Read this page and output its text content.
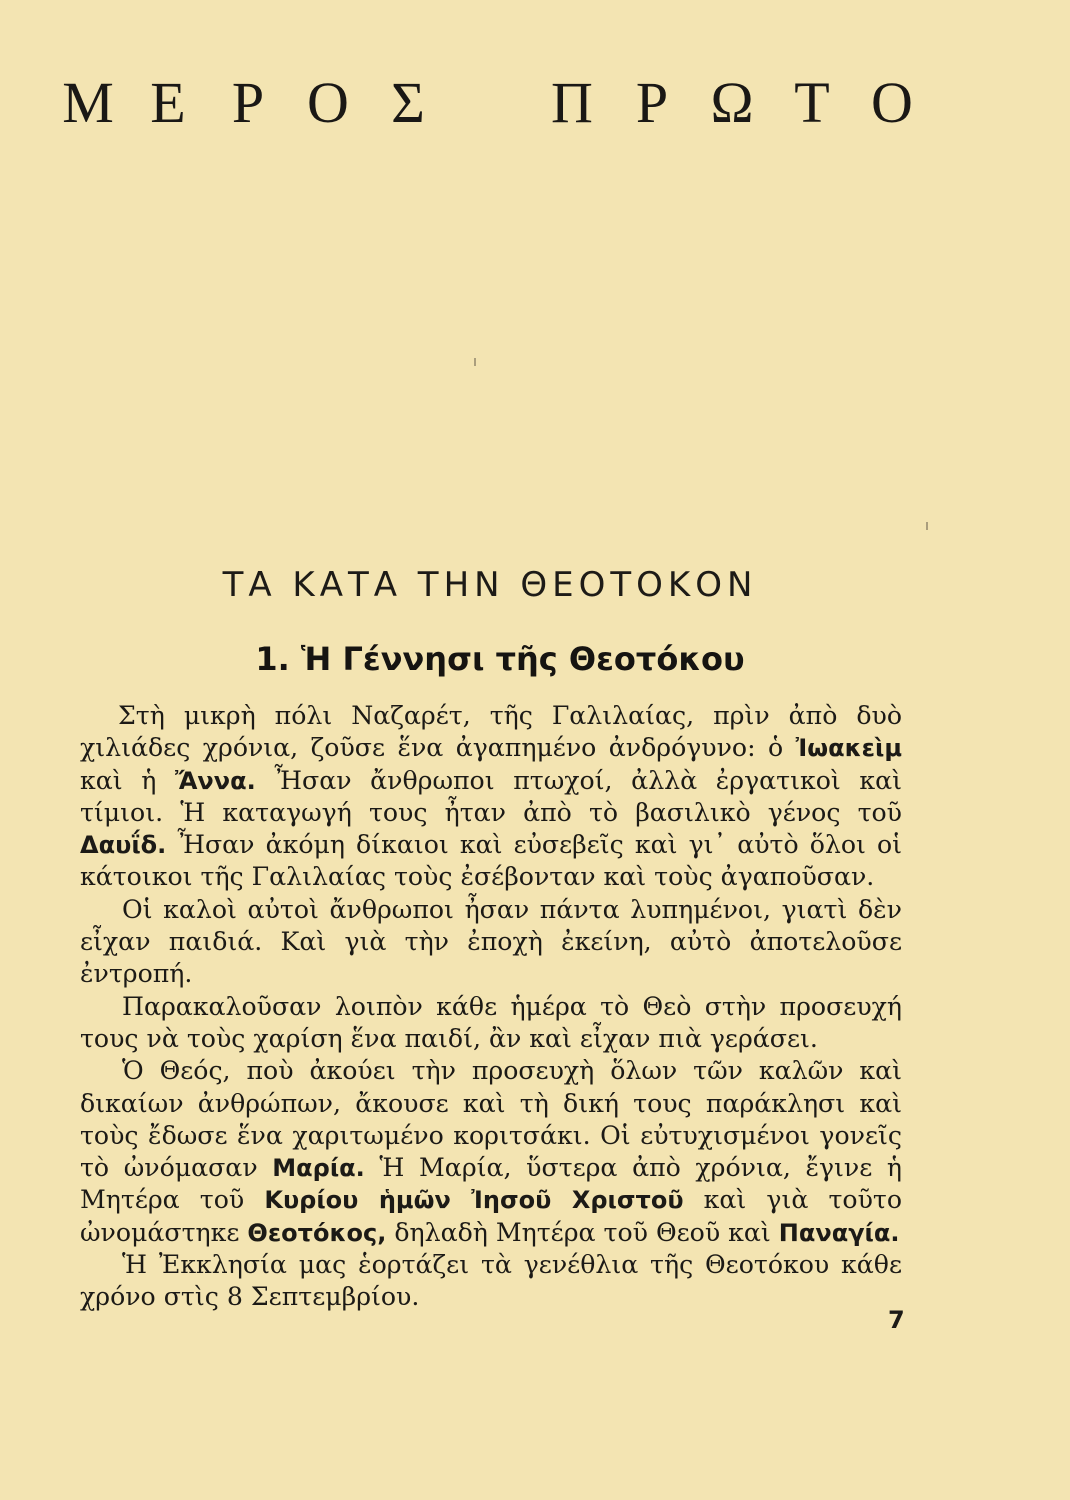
Μ Ε Ρ Ο Σ Π Ρ Ω Τ Ο
ΤΑ ΚΑΤΑ ΤΗΝ ΘΕΟΤΟΚΟΝ
1. Ἡ Γέννησι τῆς Θεοτόκου

Στὴ μικρὴ πόλι Ναζαρέτ, τῆς Γαλιλαίας, πρὶν ἀπὸ δυὸ χιλιάδες χρόνια, ζοῦσε ἕνα ἀγαπημένο ἀνδρόγυνο: ὁ Ἰωακεὶμ καὶ ἡ Ἄννα. Ἦσαν ἄνθρωποι πτωχοί, ἀλλὰ ἐργατικοὶ καὶ τίμιοι. Ἡ καταγωγή τους ἦταν ἀπὸ τὸ βασιλικὸ γένος τοῦ Δαυΐδ. Ἦσαν ἀκόμη δίκαιοι καὶ εὐσεβεῖς καὶ γι᾽ αὐτὸ ὅλοι οἱ κάτοικοι τῆς Γαλιλαίας τοὺς ἐσέβονταν καὶ τοὺς ἀγαποῦσαν.

Οἱ καλοὶ αὐτοὶ ἄνθρωποι ἦσαν πάντα λυπημένοι, γιατὶ δὲν εἶχαν παιδιά. Καὶ γιὰ τὴν ἐποχὴ ἐκείνη, αὐτὸ ἀποτελοῦσε ἐντροπή.

Παρακαλοῦσαν λοιπὸν κάθε ἡμέρα τὸ Θεὸ στὴν προσευχή τους νὰ τοὺς χαρίση ἕνα παιδί, ἂν καὶ εἶχαν πιὰ γεράσει.

Ὁ Θεός, ποὺ ἀκούει τὴν προσευχὴ ὅλων τῶν καλῶν καὶ δικαίων ἀνθρώπων, ἄκουσε καὶ τὴ δική τους παράκλησι καὶ τοὺς ἔδωσε ἕνα χαριτωμένο κοριτσάκι. Οἱ εὐτυχισμένοι γονεῖς τὸ ὠνόμασαν Μαρία. Ἡ Μαρία, ὕστερα ἀπὸ χρόνια, ἔγινε ἡ Μητέρα τοῦ Κυρίου ἡμῶν Ἰησοῦ Χριστοῦ καὶ γιὰ τοῦτο ὠνομάστηκε Θεοτόκος, δηλαδὴ Μητέρα τοῦ Θεοῦ καὶ Παναγία.

Ἡ Ἐκκλησία μας ἑορτάζει τὰ γενέθλια τῆς Θεοτόκου κάθε χρόνο στὶς 8 Σεπτεμβρίου.

7
